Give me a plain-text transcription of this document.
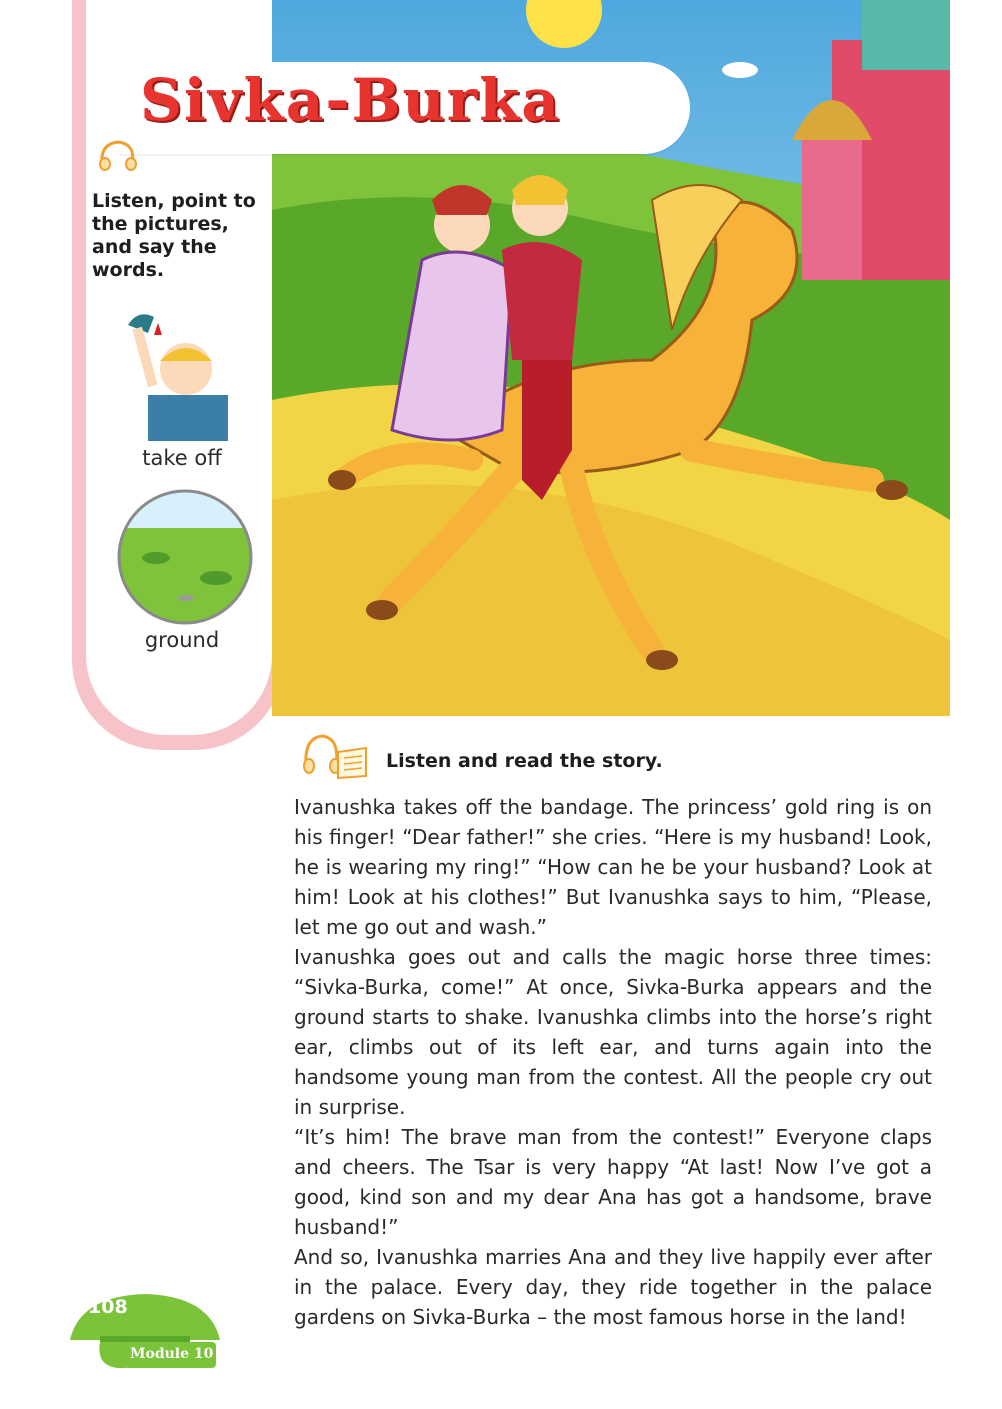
Sivka-Burka
Listen, point to the pictures, and say the words.
take off
ground
Listen and read the story.

Ivanushka takes off the bandage. The princess’ gold ring is on his finger! “Dear father!” she cries. “Here is my husband! Look, he is wearing my ring!” “How can he be your husband? Look at him! Look at his clothes!” But Ivanushka says to him, “Please, let me go out and wash.”

Ivanushka goes out and calls the magic horse three times: “Sivka-Burka, come!” At once, Sivka-Burka appears and the ground starts to shake. Ivanushka climbs into the horse’s right ear, climbs out of its left ear, and turns again into the handsome young man from the contest. All the people cry out in surprise.

“It’s him! The brave man from the contest!” Everyone claps and cheers. The Tsar is very happy “At last! Now I’ve got a good, kind son and my dear Ana has got a handsome, brave husband!”

And so, Ivanushka marries Ana and they live happily ever after in the palace. Every day, they ride together in the palace gardens on Sivka-Burka – the most famous horse in the land!

108
Module 10
